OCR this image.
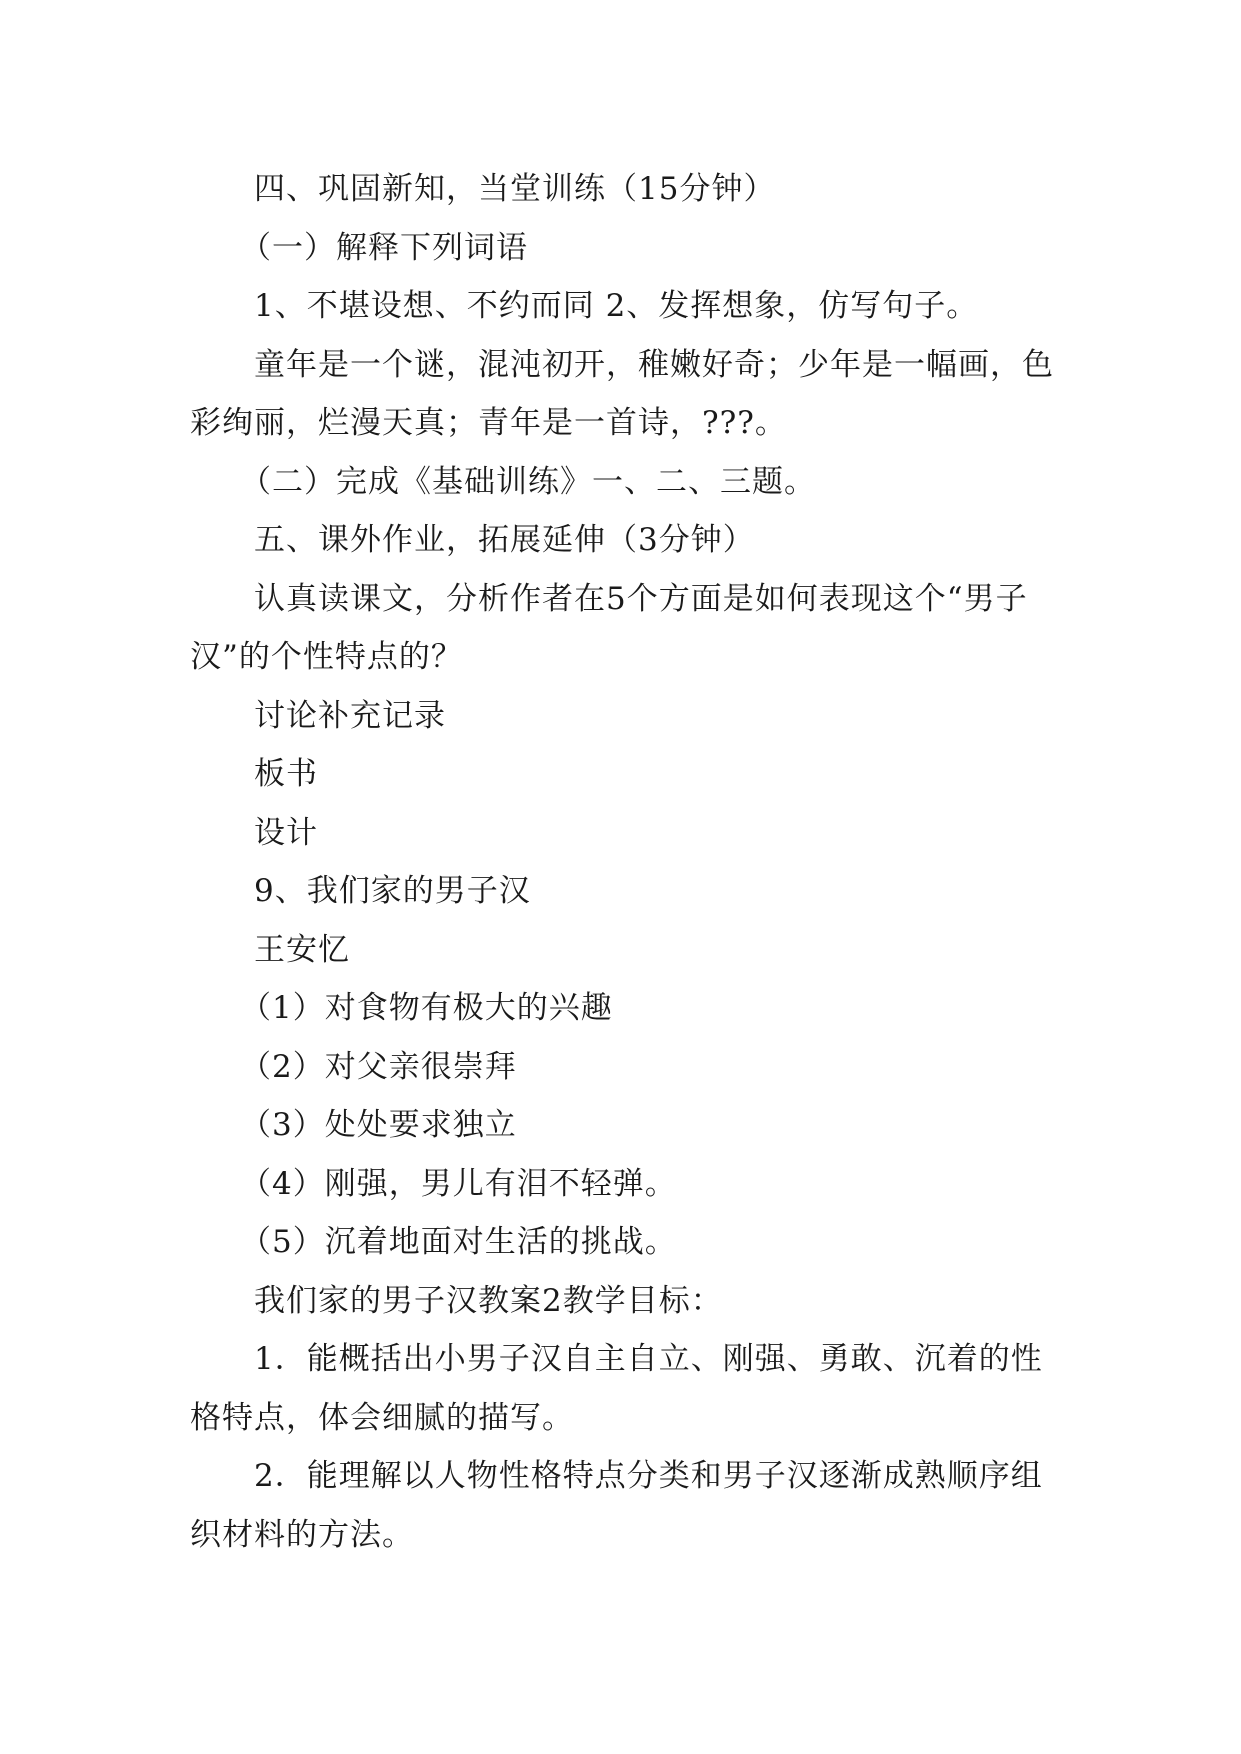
四、巩固新知，当堂训练（15分钟）

（一）解释下列词语

1、不堪设想、不约而同 2、发挥想象，仿写句子。

童年是一个谜，混沌初开，稚嫩好奇；少年是一幅画，色彩绚丽，烂漫天真；青年是一首诗，???。

（二）完成《基础训练》一、二、三题。

五、课外作业，拓展延伸（3分钟）

认真读课文，分析作者在5个方面是如何表现这个“男子汉”的个性特点的？

讨论补充记录

板书

设计

9、我们家的男子汉

王安忆

（1）对食物有极大的兴趣

（2）对父亲很崇拜

（3）处处要求独立

（4）刚强，男儿有泪不轻弹。

（5）沉着地面对生活的挑战。

我们家的男子汉教案2教学目标：

1．能概括出小男子汉自主自立、刚强、勇敢、沉着的性格特点，体会细腻的描写。

2．能理解以人物性格特点分类和男子汉逐渐成熟顺序组织材料的方法。
